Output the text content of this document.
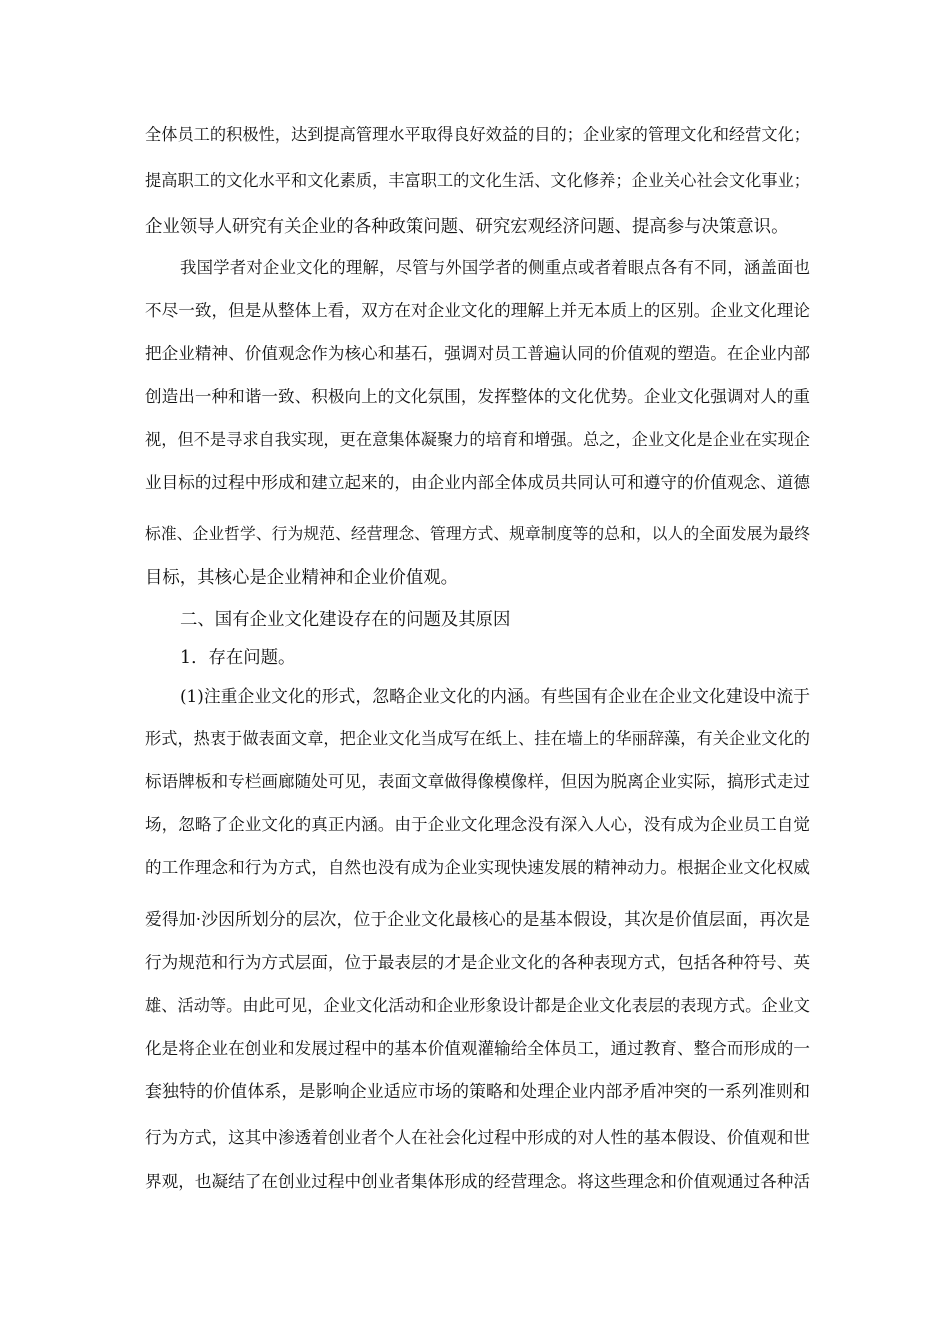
全体员工的积极性，达到提高管理水平取得良好效益的目的；企业家的管理文化和经营文化；
提高职工的文化水平和文化素质，丰富职工的文化生活、文化修养；企业关心社会文化事业；
企业领导人研究有关企业的各种政策问题、研究宏观经济问题、提高参与决策意识。
我国学者对企业文化的理解，尽管与外国学者的侧重点或者着眼点各有不同，涵盖面也
不尽一致，但是从整体上看，双方在对企业文化的理解上并无本质上的区别。企业文化理论
把企业精神、价值观念作为核心和基石，强调对员工普遍认同的价值观的塑造。在企业内部
创造出一种和谐一致、积极向上的文化氛围，发挥整体的文化优势。企业文化强调对人的重
视，但不是寻求自我实现，更在意集体凝聚力的培育和增强。总之，企业文化是企业在实现企
业目标的过程中形成和建立起来的，由企业内部全体成员共同认可和遵守的价值观念、道德
标准、企业哲学、行为规范、经营理念、管理方式、规章制度等的总和，以人的全面发展为最终
目标，其核心是企业精神和企业价值观。
二、国有企业文化建设存在的问题及其原因
1．存在问题。
(1)注重企业文化的形式，忽略企业文化的内涵。有些国有企业在企业文化建设中流于
形式，热衷于做表面文章，把企业文化当成写在纸上、挂在墙上的华丽辞藻，有关企业文化的
标语牌板和专栏画廊随处可见，表面文章做得像模像样，但因为脱离企业实际，搞形式走过
场，忽略了企业文化的真正内涵。由于企业文化理念没有深入人心，没有成为企业员工自觉
的工作理念和行为方式，自然也没有成为企业实现快速发展的精神动力。根据企业文化权威
爱得加·沙因所划分的层次，位于企业文化最核心的是基本假设，其次是价值层面，再次是
行为规范和行为方式层面，位于最表层的才是企业文化的各种表现方式，包括各种符号、英
雄、活动等。由此可见，企业文化活动和企业形象设计都是企业文化表层的表现方式。企业文
化是将企业在创业和发展过程中的基本价值观灌输给全体员工，通过教育、整合而形成的一
套独特的价值体系，是影响企业适应市场的策略和处理企业内部矛盾冲突的一系列准则和
行为方式，这其中渗透着创业者个人在社会化过程中形成的对人性的基本假设、价值观和世
界观，也凝结了在创业过程中创业者集体形成的经营理念。将这些理念和价值观通过各种活
